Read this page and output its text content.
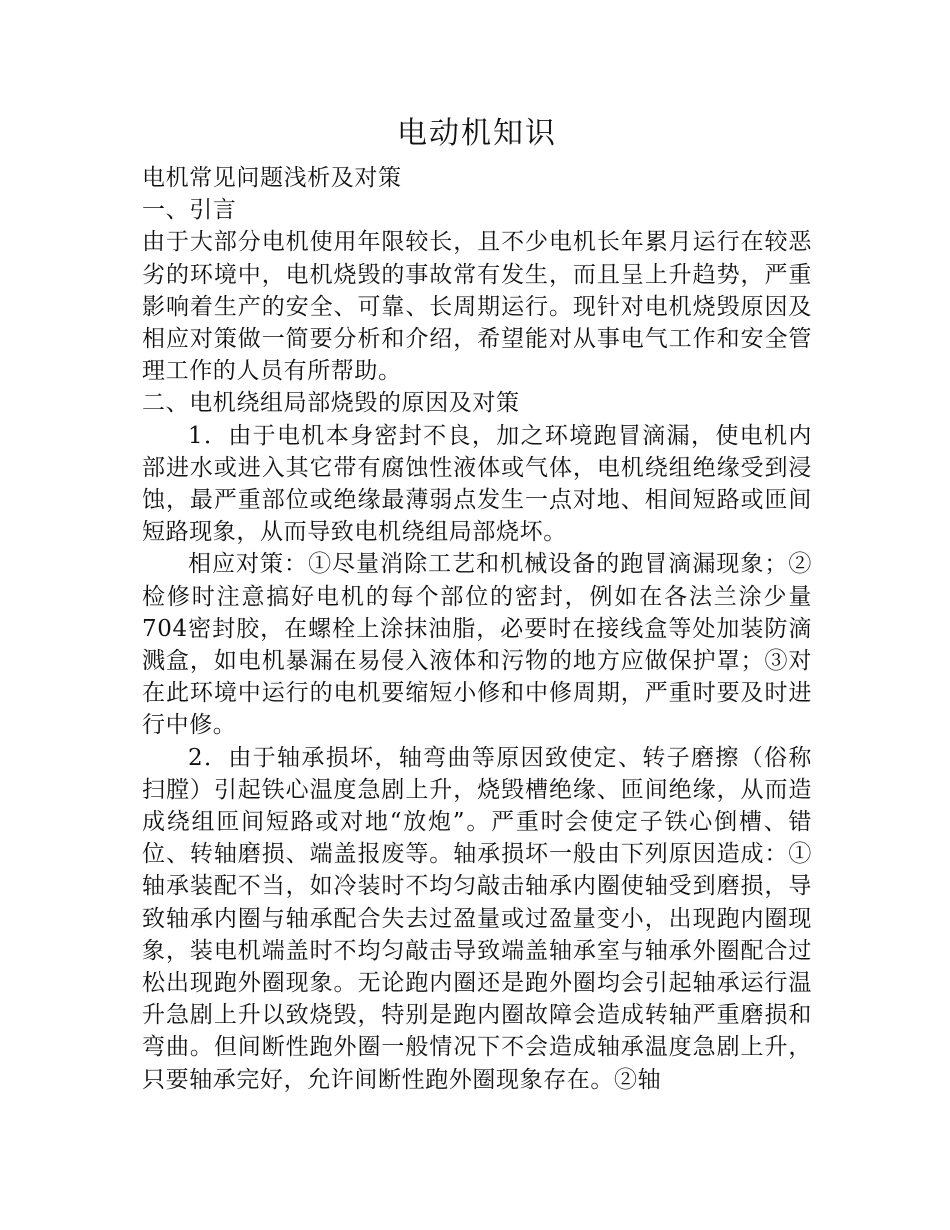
电动机知识

电机常见问题浅析及对策

一、引言

由于大部分电机使用年限较长，且不少电机长年累月运行在较恶劣的环境中，电机烧毁的事故常有发生，而且呈上升趋势，严重影响着生产的安全、可靠、长周期运行。现针对电机烧毁原因及相应对策做一简要分析和介绍，希望能对从事电气工作和安全管理工作的人员有所帮助。

二、电机绕组局部烧毁的原因及对策

1．由于电机本身密封不良，加之环境跑冒滴漏，使电机内部进水或进入其它带有腐蚀性液体或气体，电机绕组绝缘受到浸蚀，最严重部位或绝缘最薄弱点发生一点对地、相间短路或匝间短路现象，从而导致电机绕组局部烧坏。

相应对策：①尽量消除工艺和机械设备的跑冒滴漏现象；②检修时注意搞好电机的每个部位的密封，例如在各法兰涂少量704密封胶，在螺栓上涂抹油脂，必要时在接线盒等处加装防滴溅盒，如电机暴漏在易侵入液体和污物的地方应做保护罩；③对在此环境中运行的电机要缩短小修和中修周期，严重时要及时进行中修。

2．由于轴承损坏，轴弯曲等原因致使定、转子磨擦（俗称扫膛）引起铁心温度急剧上升，烧毁槽绝缘、匝间绝缘，从而造成绕组匝间短路或对地“放炮”。严重时会使定子铁心倒槽、错位、转轴磨损、端盖报废等。轴承损坏一般由下列原因造成：①轴承装配不当，如冷装时不均匀敲击轴承内圈使轴受到磨损，导致轴承内圈与轴承配合失去过盈量或过盈量变小，出现跑内圈现象，装电机端盖时不均匀敲击导致端盖轴承室与轴承外圈配合过松出现跑外圈现象。无论跑内圈还是跑外圈均会引起轴承运行温升急剧上升以致烧毁，特别是跑内圈故障会造成转轴严重磨损和弯曲。但间断性跑外圈一般情况下不会造成轴承温度急剧上升，只要轴承完好，允许间断性跑外圈现象存在。②轴
